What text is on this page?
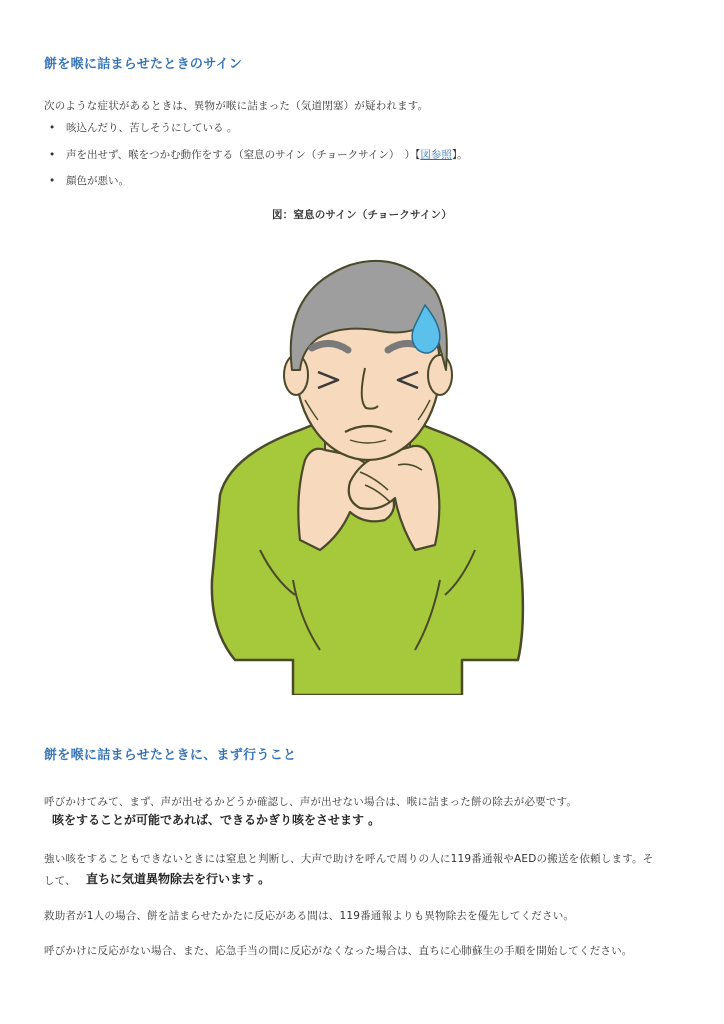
餅を喉に詰まらせたときのサイン

次のような症状があるときは、異物が喉に詰まった（気道閉塞）が疑われます。

• 咳込んだり、苦しそうにしている 。
• 声を出せず、喉をつかむ動作をする（窒息のサイン（チョークサイン）　）【図参照】。
• 顔色が悪い。
図：窒息のサイン（チョークサイン）
餅を喉に詰まらせたときに、まず行うこと

呼びかけてみて、まず、声が出せるかどうか確認し、声が出せない場合は、喉に詰まった餅の除去が必要です。

咳をすることが可能であれば、できるかぎり咳をさせます 。

強い咳をすることもできないときには窒息と判断し、大声で助けを呼んで周りの人に119番通報やAEDの搬送を依頼します。そ

して、 直ちに気道異物除去を行います 。

救助者が1人の場合、餅を詰まらせたかたに反応がある間は、119番通報よりも異物除去を優先してください。

呼びかけに反応がない場合、また、応急手当の間に反応がなくなった場合は、直ちに心肺蘇生の手順を開始してください。
